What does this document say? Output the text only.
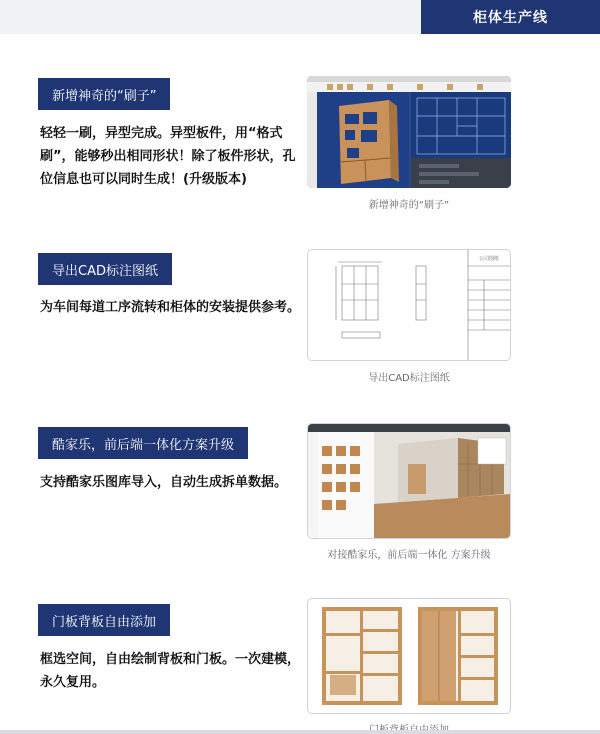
柜体生产线
新增神奇的“刷子”
轻轻一刷，异型完成。异型板件，用“格式刷”，能够秒出相同形状！除了板件形状，孔位信息也可以同时生成！(升级版本)
新增神奇的“刷子”
导出CAD标注图纸
为车间每道工序流转和柜体的安装提供参考。
公司图纸
导出CAD标注图纸
酷家乐，前后端一体化方案升级
支持酷家乐图库导入，自动生成拆单数据。
对接酷家乐，前后端一体化 方案升级
门板背板自由添加
框选空间，自由绘制背板和门板。一次建模，永久复用。
